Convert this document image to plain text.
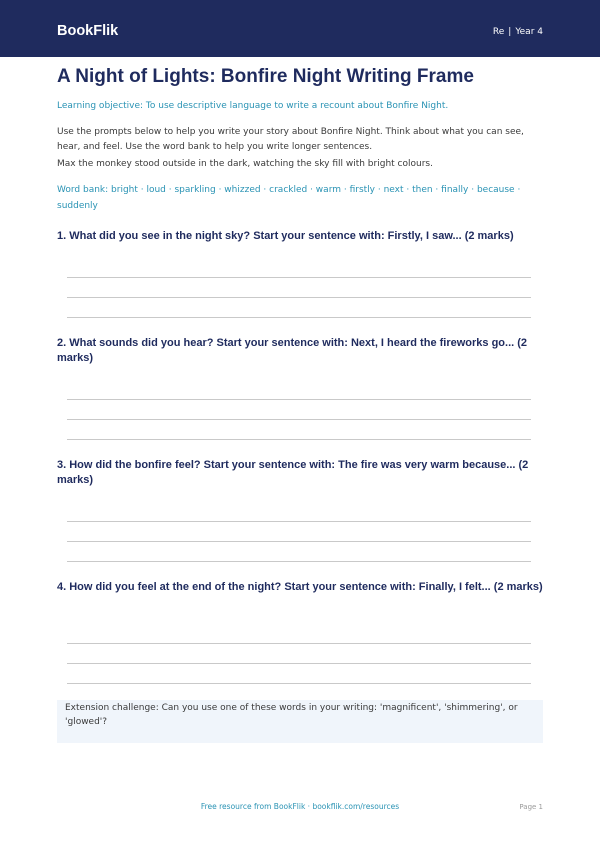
BookFlik	Re | Year 4
A Night of Lights: Bonfire Night Writing Frame

Learning objective: To use descriptive language to write a recount about Bonfire Night.

Use the prompts below to help you write your story about Bonfire Night. Think about what you can see, hear, and feel. Use the word bank to help you write longer sentences.

Max the monkey stood outside in the dark, watching the sky fill with bright colours.

Word bank: bright · loud · sparkling · whizzed · crackled · warm · firstly · next · then · finally · because · suddenly

1. What did you see in the night sky? Start your sentence with: Firstly, I saw... (2 marks)
2. What sounds did you hear? Start your sentence with: Next, I heard the fireworks go... (2 marks)
3. How did the bonfire feel? Start your sentence with: The fire was very warm because... (2 marks)
4. How did you feel at the end of the night? Start your sentence with: Finally, I felt... (2 marks)
Extension challenge: Can you use one of these words in your writing: 'magnificent', 'shimmering', or 'glowed'?
Free resource from BookFlik · bookflik.com/resources	Page 1
